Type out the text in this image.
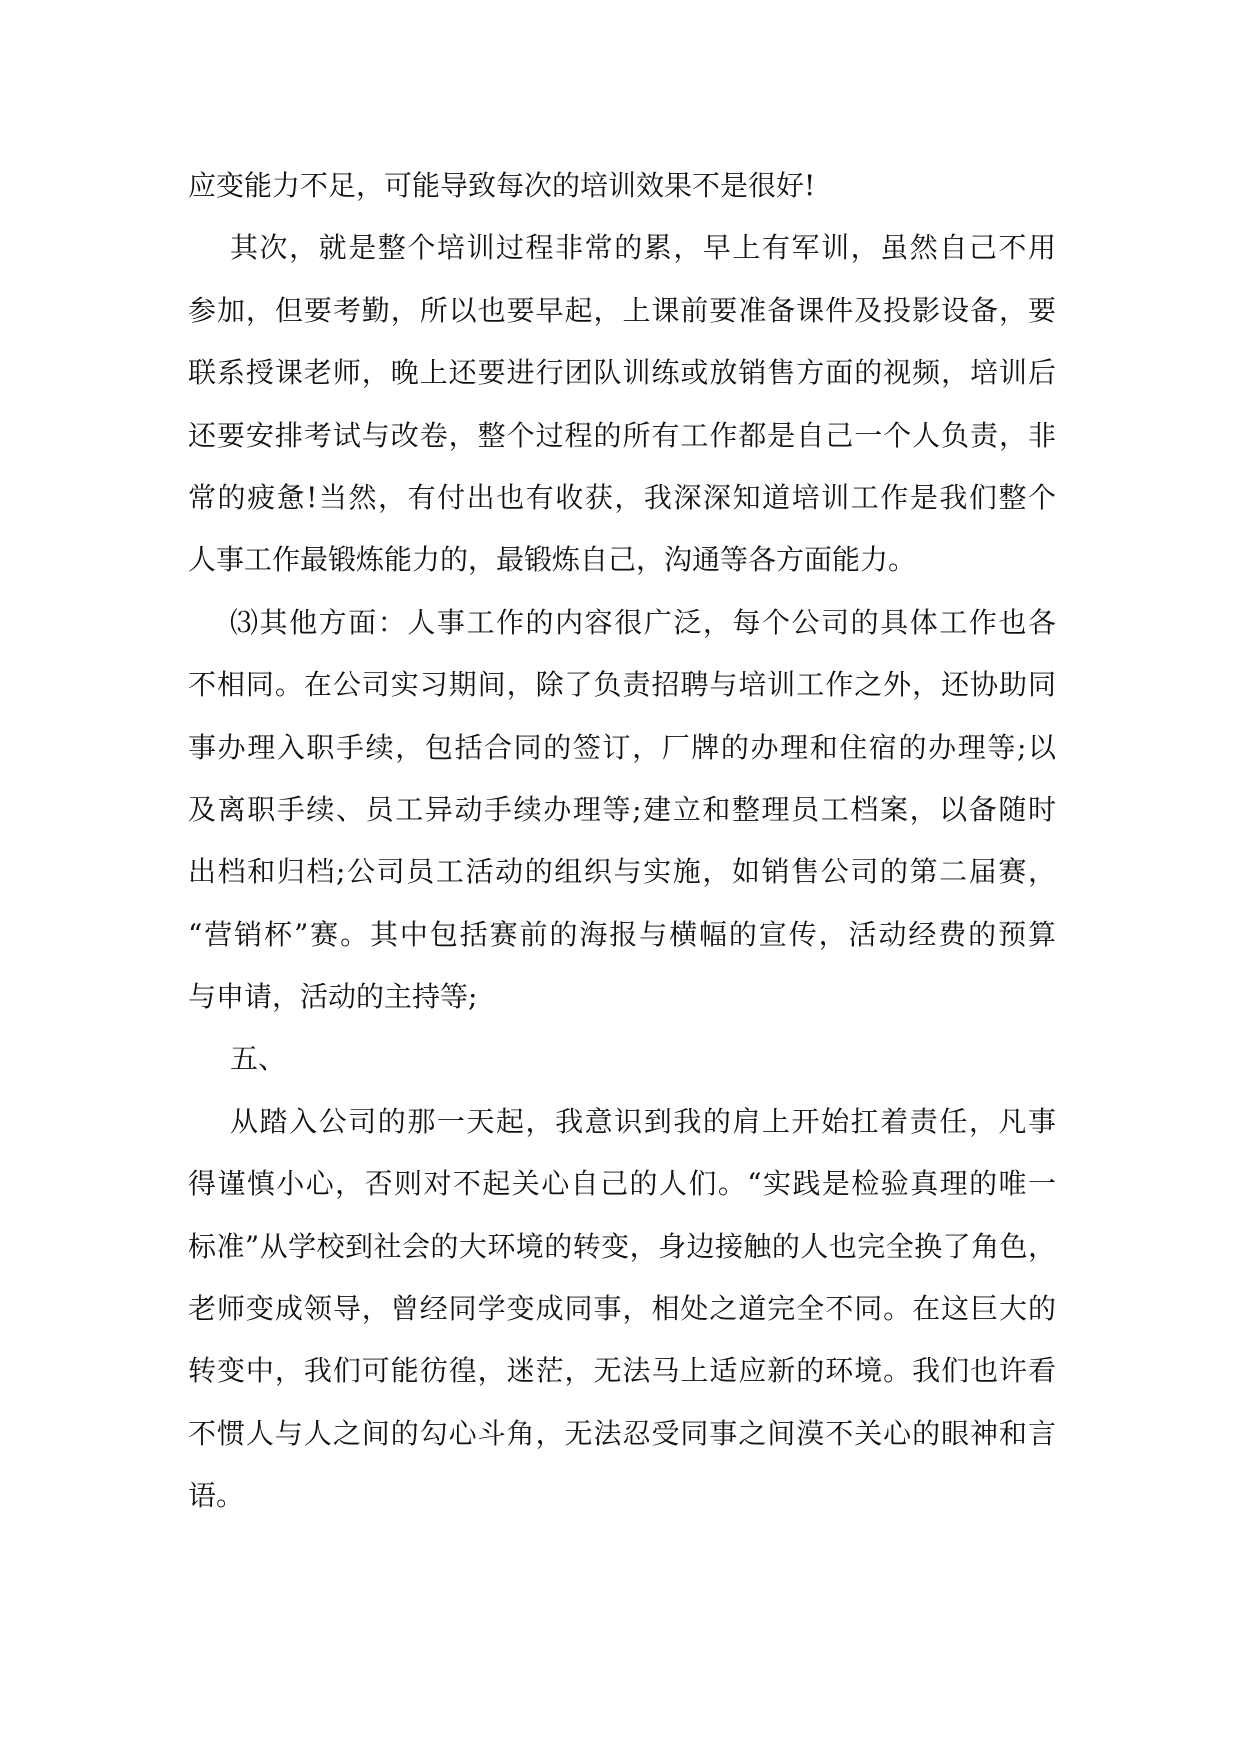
应变能力不足，可能导致每次的培训效果不是很好!
其次，就是整个培训过程非常的累，早上有军训，虽然自己不用
参加，但要考勤，所以也要早起，上课前要准备课件及投影设备，要
联系授课老师，晚上还要进行团队训练或放销售方面的视频，培训后
还要安排考试与改卷，整个过程的所有工作都是自己一个人负责，非
常的疲惫!当然，有付出也有收获，我深深知道培训工作是我们整个
人事工作最锻炼能力的，最锻炼自己，沟通等各方面能力。
⑶其他方面：人事工作的内容很广泛，每个公司的具体工作也各
不相同。在公司实习期间，除了负责招聘与培训工作之外，还协助同
事办理入职手续，包括合同的签订，厂牌的办理和住宿的办理等;以
及离职手续、员工异动手续办理等;建立和整理员工档案，以备随时
出档和归档;公司员工活动的组织与实施，如销售公司的第二届赛，
“营销杯”赛。其中包括赛前的海报与横幅的宣传，活动经费的预算
与申请，活动的主持等;
五、
从踏入公司的那一天起，我意识到我的肩上开始扛着责任，凡事
得谨慎小心，否则对不起关心自己的人们。“实践是检验真理的唯一
标准”从学校到社会的大环境的转变，身边接触的人也完全换了角色，
老师变成领导，曾经同学变成同事，相处之道完全不同。在这巨大的
转变中，我们可能彷徨，迷茫，无法马上适应新的环境。我们也许看
不惯人与人之间的勾心斗角，无法忍受同事之间漠不关心的眼神和言
语。
